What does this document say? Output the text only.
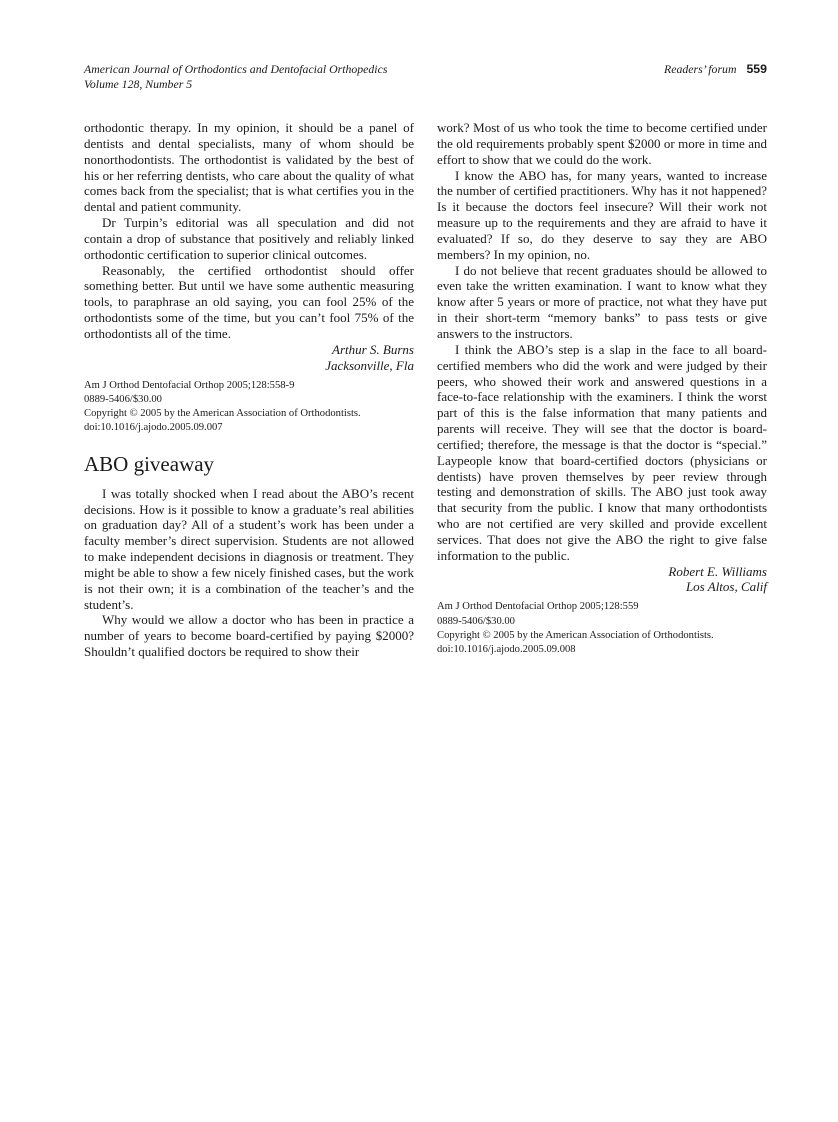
American Journal of Orthodontics and Dentofacial Orthopedics
Volume 128, Number 5
Readers’ forum 559

orthodontic therapy. In my opinion, it should be a panel of dentists and dental specialists, many of whom should be nonorthodontists. The orthodontist is validated by the best of his or her referring dentists, who care about the quality of what comes back from the specialist; that is what certifies you in the dental and patient community.

Dr Turpin’s editorial was all speculation and did not contain a drop of substance that positively and reliably linked orthodontic certification to superior clinical outcomes.

Reasonably, the certified orthodontist should offer something better. But until we have some authentic measuring tools, to paraphrase an old saying, you can fool 25% of the orthodontists some of the time, but you can’t fool 75% of the orthodontists all of the time.

Arthur S. Burns
Jacksonville, Fla
Am J Orthod Dentofacial Orthop 2005;128:558-9
0889-5406/$30.00
Copyright © 2005 by the American Association of Orthodontists.
doi:10.1016/j.ajodo.2005.09.007
ABO giveaway

I was totally shocked when I read about the ABO’s recent decisions. How is it possible to know a graduate’s real abilities on graduation day? All of a student’s work has been under a faculty member’s direct supervision. Students are not allowed to make independent decisions in diagnosis or treatment. They might be able to show a few nicely finished cases, but the work is not their own; it is a combination of the teacher’s and the student’s.

Why would we allow a doctor who has been in practice a number of years to become board-certified by paying $2000? Shouldn’t qualified doctors be required to show their

work? Most of us who took the time to become certified under the old requirements probably spent $2000 or more in time and effort to show that we could do the work.

I know the ABO has, for many years, wanted to increase the number of certified practitioners. Why has it not happened? Is it because the doctors feel insecure? Will their work not measure up to the requirements and they are afraid to have it evaluated? If so, do they deserve to say they are ABO members? In my opinion, no.

I do not believe that recent graduates should be allowed to even take the written examination. I want to know what they know after 5 years or more of practice, not what they have put in their short-term “memory banks” to pass tests or give answers to the instructors.

I think the ABO’s step is a slap in the face to all board-certified members who did the work and were judged by their peers, who showed their work and answered questions in a face-to-face relationship with the examiners. I think the worst part of this is the false information that many patients and parents will receive. They will see that the doctor is board-certified; therefore, the message is that the doctor is “special.” Laypeople know that board-certified doctors (physicians or dentists) have proven themselves by peer review through testing and demonstration of skills. The ABO just took away that security from the public. I know that many orthodontists who are not certified are very skilled and provide excellent services. That does not give the ABO the right to give false information to the public.

Robert E. Williams
Los Altos, Calif
Am J Orthod Dentofacial Orthop 2005;128:559
0889-5406/$30.00
Copyright © 2005 by the American Association of Orthodontists.
doi:10.1016/j.ajodo.2005.09.008
